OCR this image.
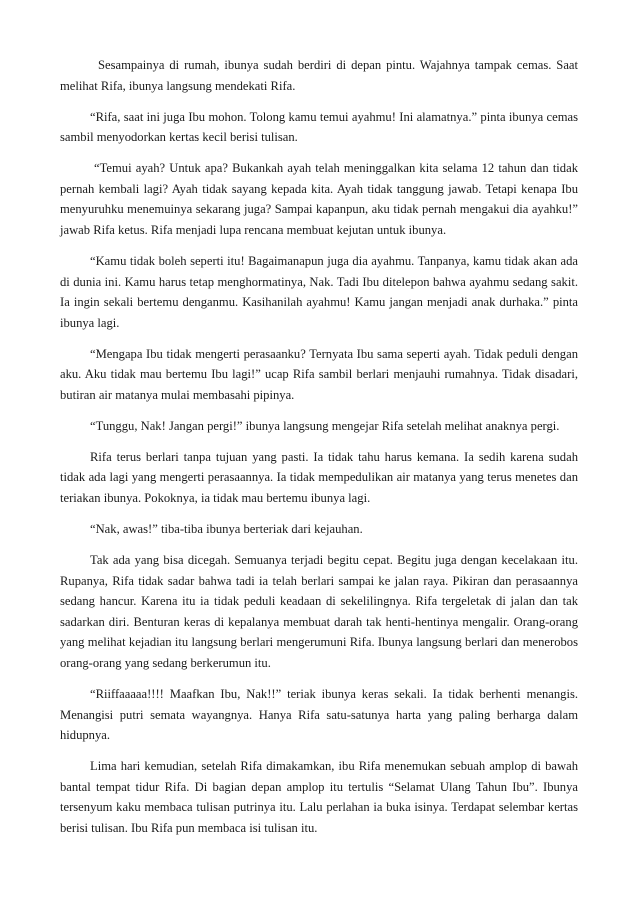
Sesampainya di rumah, ibunya sudah berdiri di depan pintu. Wajahnya tampak cemas. Saat melihat Rifa, ibunya langsung mendekati Rifa.

“Rifa, saat ini juga Ibu mohon. Tolong kamu temui ayahmu! Ini alamatnya.” pinta ibunya cemas sambil menyodorkan kertas kecil berisi tulisan.

“Temui ayah? Untuk apa? Bukankah ayah telah meninggalkan kita selama 12 tahun dan tidak pernah kembali lagi? Ayah tidak sayang kepada kita. Ayah tidak tanggung jawab. Tetapi kenapa Ibu menyuruhku menemuinya sekarang juga? Sampai kapanpun, aku tidak pernah mengakui dia ayahku!” jawab Rifa ketus. Rifa menjadi lupa rencana membuat kejutan untuk ibunya.

“Kamu tidak boleh seperti itu! Bagaimanapun juga dia ayahmu. Tanpanya, kamu tidak akan ada di dunia ini. Kamu harus tetap menghormatinya, Nak. Tadi Ibu ditelepon bahwa ayahmu sedang sakit. Ia ingin sekali bertemu denganmu. Kasihanilah ayahmu! Kamu jangan menjadi anak durhaka.” pinta ibunya lagi.

“Mengapa Ibu tidak mengerti perasaanku? Ternyata Ibu sama seperti ayah. Tidak peduli dengan aku. Aku tidak mau bertemu Ibu lagi!” ucap Rifa sambil berlari menjauhi rumahnya. Tidak disadari, butiran air matanya mulai membasahi pipinya.

“Tunggu, Nak! Jangan pergi!” ibunya langsung mengejar Rifa setelah melihat anaknya pergi.

Rifa terus berlari tanpa tujuan yang pasti. Ia tidak tahu harus kemana. Ia sedih karena sudah tidak ada lagi yang mengerti perasaannya. Ia tidak mempedulikan air matanya yang terus menetes dan teriakan ibunya. Pokoknya, ia tidak mau bertemu ibunya lagi.

“Nak, awas!” tiba-tiba ibunya berteriak dari kejauhan.

Tak ada yang bisa dicegah. Semuanya terjadi begitu cepat. Begitu juga dengan kecelakaan itu. Rupanya, Rifa tidak sadar bahwa tadi ia telah berlari sampai ke jalan raya. Pikiran dan perasaannya sedang hancur. Karena itu ia tidak peduli keadaan di sekelilingnya. Rifa tergeletak di jalan dan tak sadarkan diri. Benturan keras di kepalanya membuat darah tak henti-hentinya mengalir. Orang-orang yang melihat kejadian itu langsung berlari mengerumuni Rifa. Ibunya langsung berlari dan menerobos orang-orang yang sedang berkerumun itu.

“Riiffaaaaa!!!! Maafkan Ibu, Nak!!” teriak ibunya keras sekali. Ia tidak berhenti menangis. Menangisi putri semata wayangnya. Hanya Rifa satu-satunya harta yang paling berharga dalam hidupnya.

Lima hari kemudian, setelah Rifa dimakamkan, ibu Rifa menemukan sebuah amplop di bawah bantal tempat tidur Rifa. Di bagian depan amplop itu tertulis “Selamat Ulang Tahun Ibu”. Ibunya tersenyum kaku membaca tulisan putrinya itu. Lalu perlahan ia buka isinya. Terdapat selembar kertas berisi tulisan. Ibu Rifa pun membaca isi tulisan itu.
